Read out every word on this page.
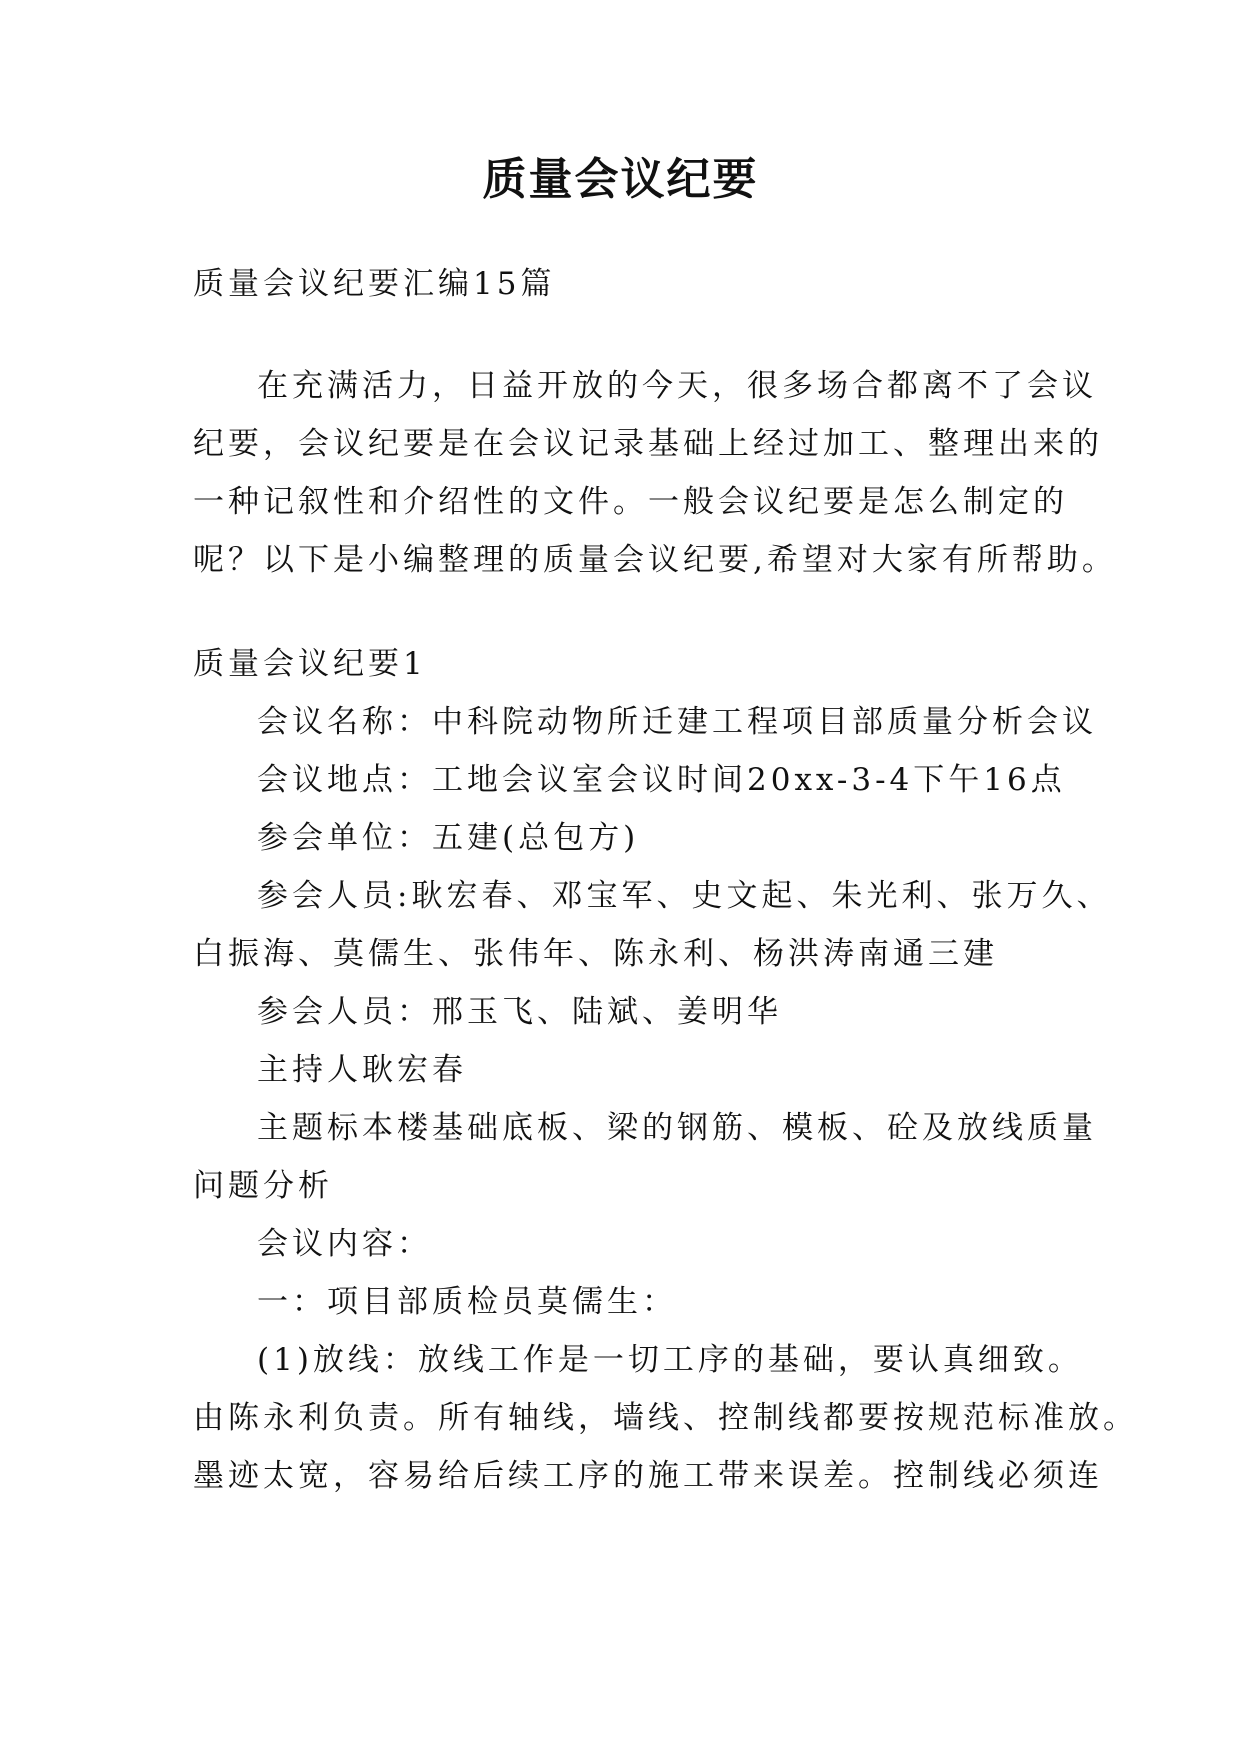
质量会议纪要
质量会议纪要汇编15篇
在充满活力，日益开放的今天，很多场合都离不了会议
纪要，会议纪要是在会议记录基础上经过加工、整理出来的
一种记叙性和介绍性的文件。一般会议纪要是怎么制定的
呢？以下是小编整理的质量会议纪要,希望对大家有所帮助。
质量会议纪要1
会议名称：中科院动物所迁建工程项目部质量分析会议
会议地点：工地会议室会议时间20xx-3-4下午16点
参会单位：五建(总包方)
参会人员:耿宏春、邓宝军、史文起、朱光利、张万久、
白振海、莫儒生、张伟年、陈永利、杨洪涛南通三建
参会人员：邢玉飞、陆斌、姜明华
主持人耿宏春
主题标本楼基础底板、梁的钢筋、模板、砼及放线质量
问题分析
会议内容：
一：项目部质检员莫儒生：
(1)放线：放线工作是一切工序的基础，要认真细致。
由陈永利负责。所有轴线，墙线、控制线都要按规范标准放。
墨迹太宽，容易给后续工序的施工带来误差。控制线必须连
